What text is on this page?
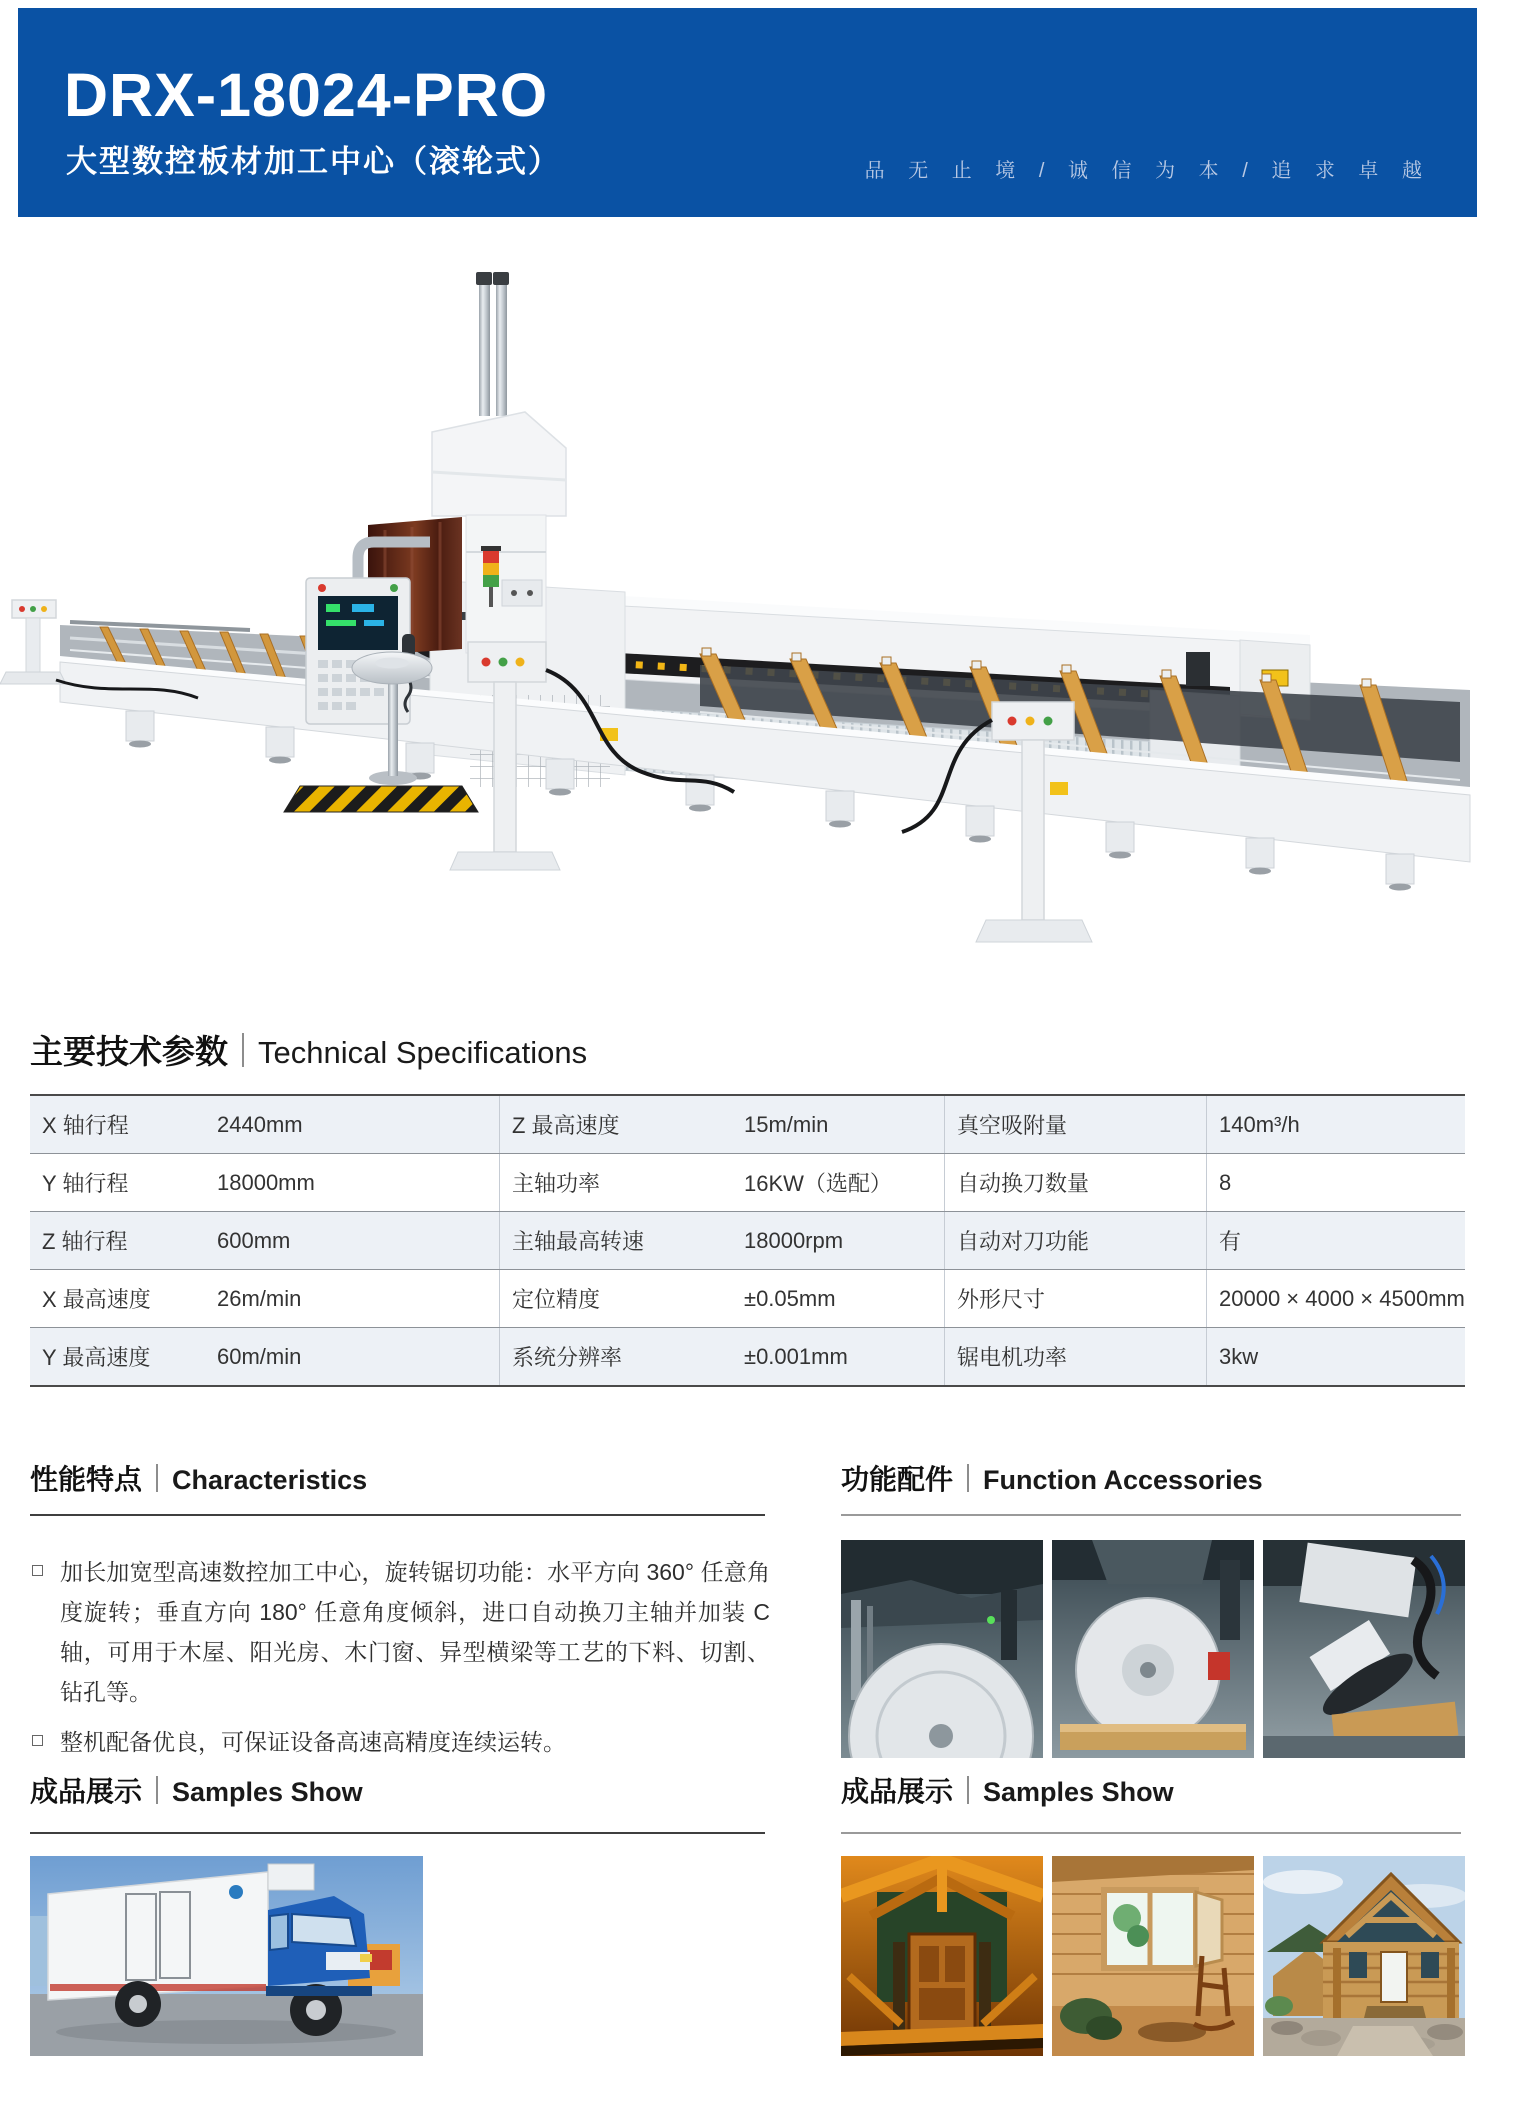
DRX-18024-PRO
大型数控板材加工中心（滚轮式）	品 无 止 境 / 诚 信 为 本 / 追 求 卓 越
主要技术参数 Technical Specifications
X 轴行程	2440mm	Z 最高速度	15m/min	真空吸附量	140m³/h
Y 轴行程	18000mm	主轴功率	16KW（选配）	自动换刀数量	8
Z 轴行程	600mm	主轴最高转速	18000rpm	自动对刀功能	有
X 最高速度	26m/min	定位精度	±0.05mm	外形尺寸	20000 × 4000 × 4500mm
Y 最高速度	60m/min	系统分辨率	±0.001mm	锯电机功率	3kw
性能特点 Characteristics
加长加宽型高速数控加工中心，旋转锯切功能：水平方向 360° 任意角度旋转；垂直方向 180° 任意角度倾斜，进口自动换刀主轴并加装 C 轴，可用于木屋、阳光房、木门窗、异型横梁等工艺的下料、切割、钻孔等。
整机配备优良，可保证设备高速高精度连续运转。
功能配件 Function Accessories
成品展示 Samples Show	成品展示 Samples Show
